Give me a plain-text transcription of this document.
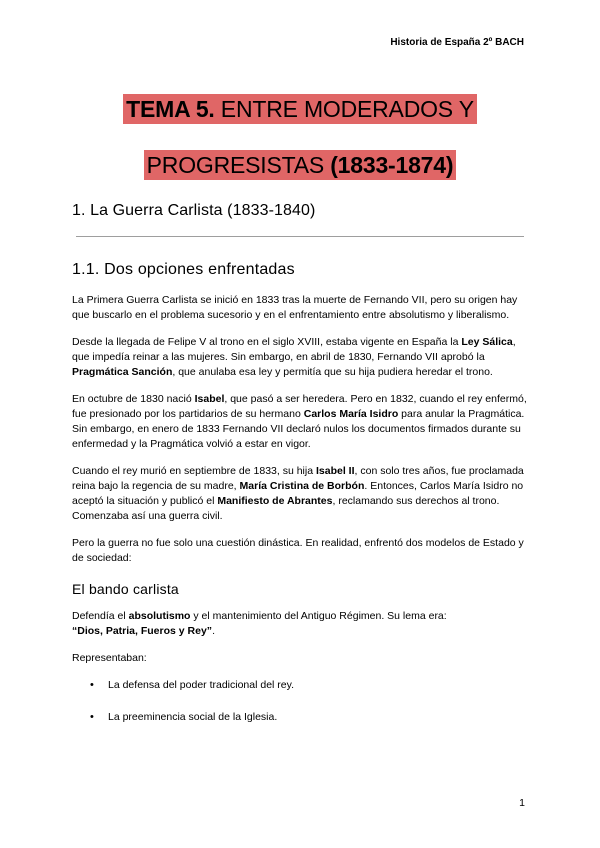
Historia de España 2º BACH
TEMA 5. ENTRE MODERADOS Y
PROGRESISTAS (1833-1874)
1. La Guerra Carlista (1833-1840)
1.1. Dos opciones enfrentadas

La Primera Guerra Carlista se inició en 1833 tras la muerte de Fernando VII, pero su origen hay que buscarlo en el problema sucesorio y en el enfrentamiento entre absolutismo y liberalismo.

Desde la llegada de Felipe V al trono en el siglo XVIII, estaba vigente en España la Ley Sálica, que impedía reinar a las mujeres. Sin embargo, en abril de 1830, Fernando VII aprobó la Pragmática Sanción, que anulaba esa ley y permitía que su hija pudiera heredar el trono.

En octubre de 1830 nació Isabel, que pasó a ser heredera. Pero en 1832, cuando el rey enfermó, fue presionado por los partidarios de su hermano Carlos María Isidro para anular la Pragmática. Sin embargo, en enero de 1833 Fernando VII declaró nulos los documentos firmados durante su enfermedad y la Pragmática volvió a estar en vigor.

Cuando el rey murió en septiembre de 1833, su hija Isabel II, con solo tres años, fue proclamada reina bajo la regencia de su madre, María Cristina de Borbón. Entonces, Carlos María Isidro no aceptó la situación y publicó el Manifiesto de Abrantes, reclamando sus derechos al trono. Comenzaba así una guerra civil.

Pero la guerra no fue solo una cuestión dinástica. En realidad, enfrentó dos modelos de Estado y de sociedad:

El bando carlista

Defendía el absolutismo y el mantenimiento del Antiguo Régimen. Su lema era:
“Dios, Patria, Fueros y Rey”.

Representaban:

• La defensa del poder tradicional del rey.
• La preeminencia social de la Iglesia.
1
